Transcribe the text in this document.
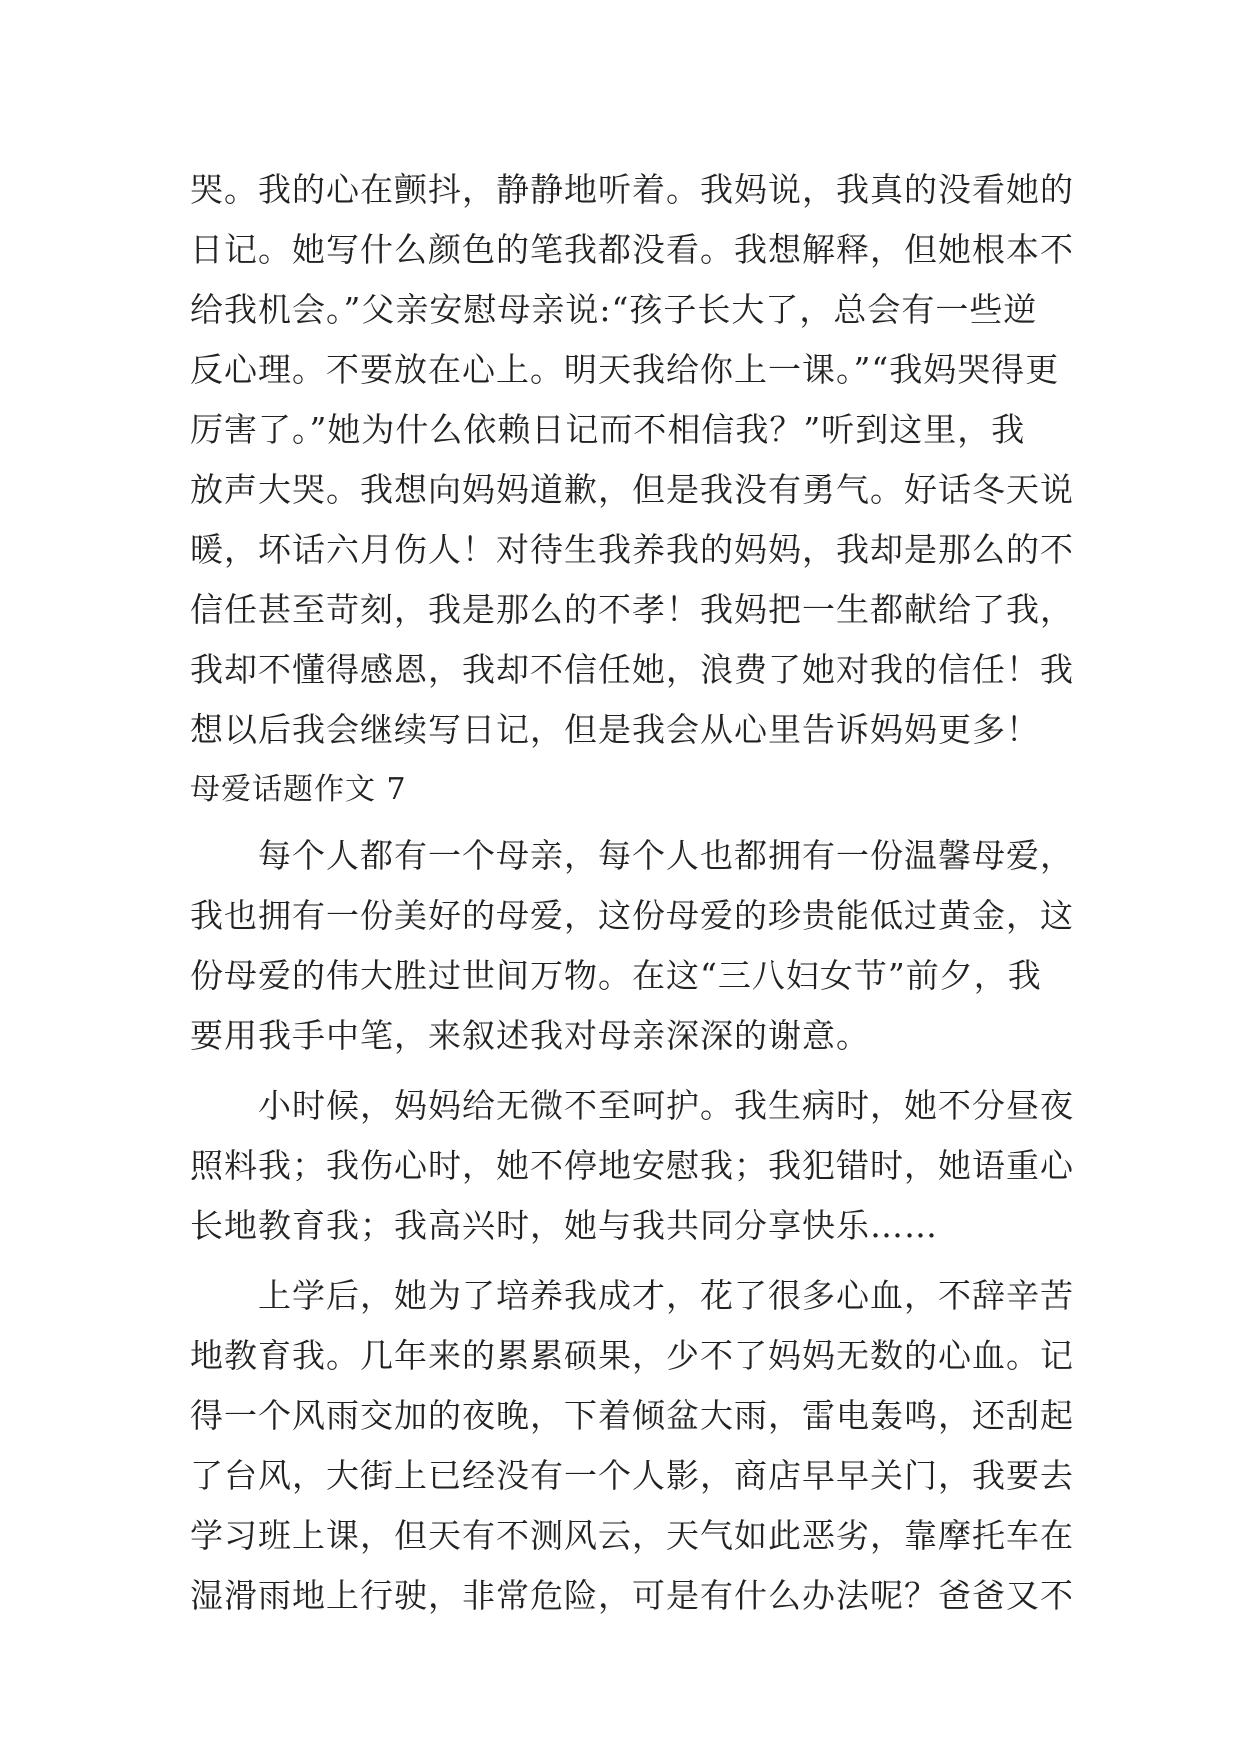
哭。我的心在颤抖，静静地听着。我妈说，我真的没看她的
日记。她写什么颜色的笔我都没看。我想解释，但她根本不
给我机会。”父亲安慰母亲说:“孩子长大了，总会有一些逆
反心理。不要放在心上。明天我给你上一课。”“我妈哭得更
厉害了。”她为什么依赖日记而不相信我？”听到这里，我
放声大哭。我想向妈妈道歉，但是我没有勇气。好话冬天说
暖，坏话六月伤人！对待生我养我的妈妈，我却是那么的不
信任甚至苛刻，我是那么的不孝！我妈把一生都献给了我，
我却不懂得感恩，我却不信任她，浪费了她对我的信任！我
想以后我会继续写日记，但是我会从心里告诉妈妈更多！
母爱话题作文 7
　　每个人都有一个母亲，每个人也都拥有一份温馨母爱，
我也拥有一份美好的母爱，这份母爱的珍贵能低过黄金，这
份母爱的伟大胜过世间万物。在这“三八妇女节”前夕，我
要用我手中笔，来叙述我对母亲深深的谢意。
　　小时候，妈妈给无微不至呵护。我生病时，她不分昼夜
照料我；我伤心时，她不停地安慰我；我犯错时，她语重心
长地教育我；我高兴时，她与我共同分享快乐……
　　上学后，她为了培养我成才，花了很多心血，不辞辛苦
地教育我。几年来的累累硕果，少不了妈妈无数的心血。记
得一个风雨交加的夜晚，下着倾盆大雨，雷电轰鸣，还刮起
了台风，大街上已经没有一个人影，商店早早关门，我要去
学习班上课，但天有不测风云，天气如此恶劣，靠摩托车在
湿滑雨地上行驶，非常危险，可是有什么办法呢？爸爸又不
